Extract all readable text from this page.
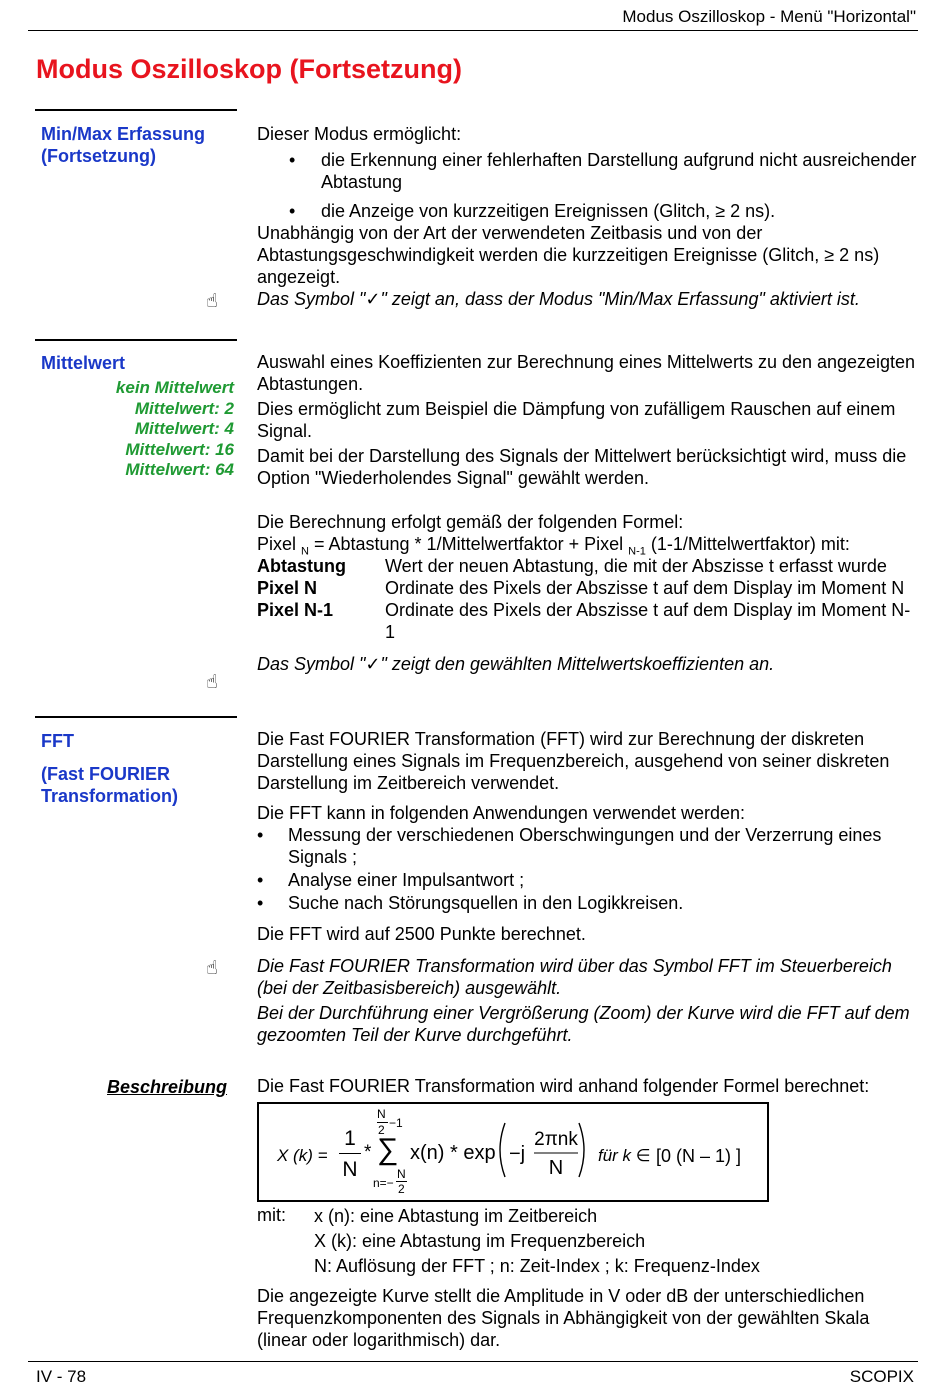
Modus Oszilloskop - Menü "Horizontal"
Modus Oszilloskop (Fortsetzung)
Min/Max Erfassung
(Fortsetzung)

Dieser Modus ermöglicht:

• die Erkennung einer fehlerhaften Darstellung aufgrund nicht ausreichender Abtastung
• die Anzeige von kurzzeitigen Ereignissen (Glitch, ≥ 2 ns).

Unabhängig von der Art der verwendeten Zeitbasis und von der Abtastungsgeschwindigkeit werden die kurzzeitigen Ereignisse (Glitch, ≥ 2 ns) angezeigt.

Das Symbol "✓" zeigt an, dass der Modus "Min/Max Erfassung" aktiviert ist.

☝
Mittelwert
kein Mittelwert
Mittelwert: 2
Mittelwert: 4
Mittelwert: 16
Mittelwert: 64

Auswahl eines Koeffizienten zur Berechnung eines Mittelwerts zu den angezeigten Abtastungen.

Dies ermöglicht zum Beispiel die Dämpfung von zufälligem Rauschen auf einem Signal.

Damit bei der Darstellung des Signals der Mittelwert berücksichtigt wird, muss die Option "Wiederholendes Signal" gewählt werden.

Die Berechnung erfolgt gemäß der folgenden Formel:

Pixel $_N$ = Abtastung * 1/Mittelwertfaktor + Pixel $_{N-1}$ (1-1/Mittelwertfaktor) mit:

Abtastung Wert der neuen Abtastung, die mit der Abszisse t erfasst wurde
Pixel N	Ordinate des Pixels der Abszisse t auf dem Display im Moment N
Pixel N-1	Ordinate des Pixels der Abszisse t auf dem Display im Moment N-1

Das Symbol "✓" zeigt den gewählten Mittelwertskoeffizienten an.

☝
FFT
(Fast FOURIER
Transformation)

Die Fast FOURIER Transformation (FFT) wird zur Berechnung der diskreten Darstellung eines Signals im Frequenzbereich, ausgehend von seiner diskreten Darstellung im Zeitbereich verwendet.

Die FFT kann in folgenden Anwendungen verwendet werden:

• Messung der verschiedenen Oberschwingungen und der Verzerrung eines Signals ;
• Analyse einer Impulsantwort ;
• Suche nach Störungsquellen in den Logikkreisen.

Die FFT wird auf 2500 Punkte berechnet.

Die Fast FOURIER Transformation wird über das Symbol FFT im Steuerbereich (bei der Zeitbasisbereich) ausgewählt.

Bei der Durchführung einer Vergrößerung (Zoom) der Kurve wird die FFT auf dem gezoomten Teil der Kurve durchgeführt.

☝
Beschreibung Die Fast FOURIER Transformation wird anhand folgender Formel berechnet:
X (k) =
1
N
*
N
2 −1
∑
n=−
N
2
x(n) * exp −j
2πnk
N
für k ∈ [0 (N – 1) ]
mit: x (n): eine Abtastung im Zeitbereich
X (k): eine Abtastung im Frequenzbereich
N: Auflösung der FFT ; n: Zeit-Index ; k: Frequenz-Index
Die angezeigte Kurve stellt die Amplitude in V oder dB der unterschiedlichen Frequenzkomponenten des Signals in Abhängigkeit von der gewählten Skala (linear oder logarithmisch) dar.
IV - 78	SCOPIX
